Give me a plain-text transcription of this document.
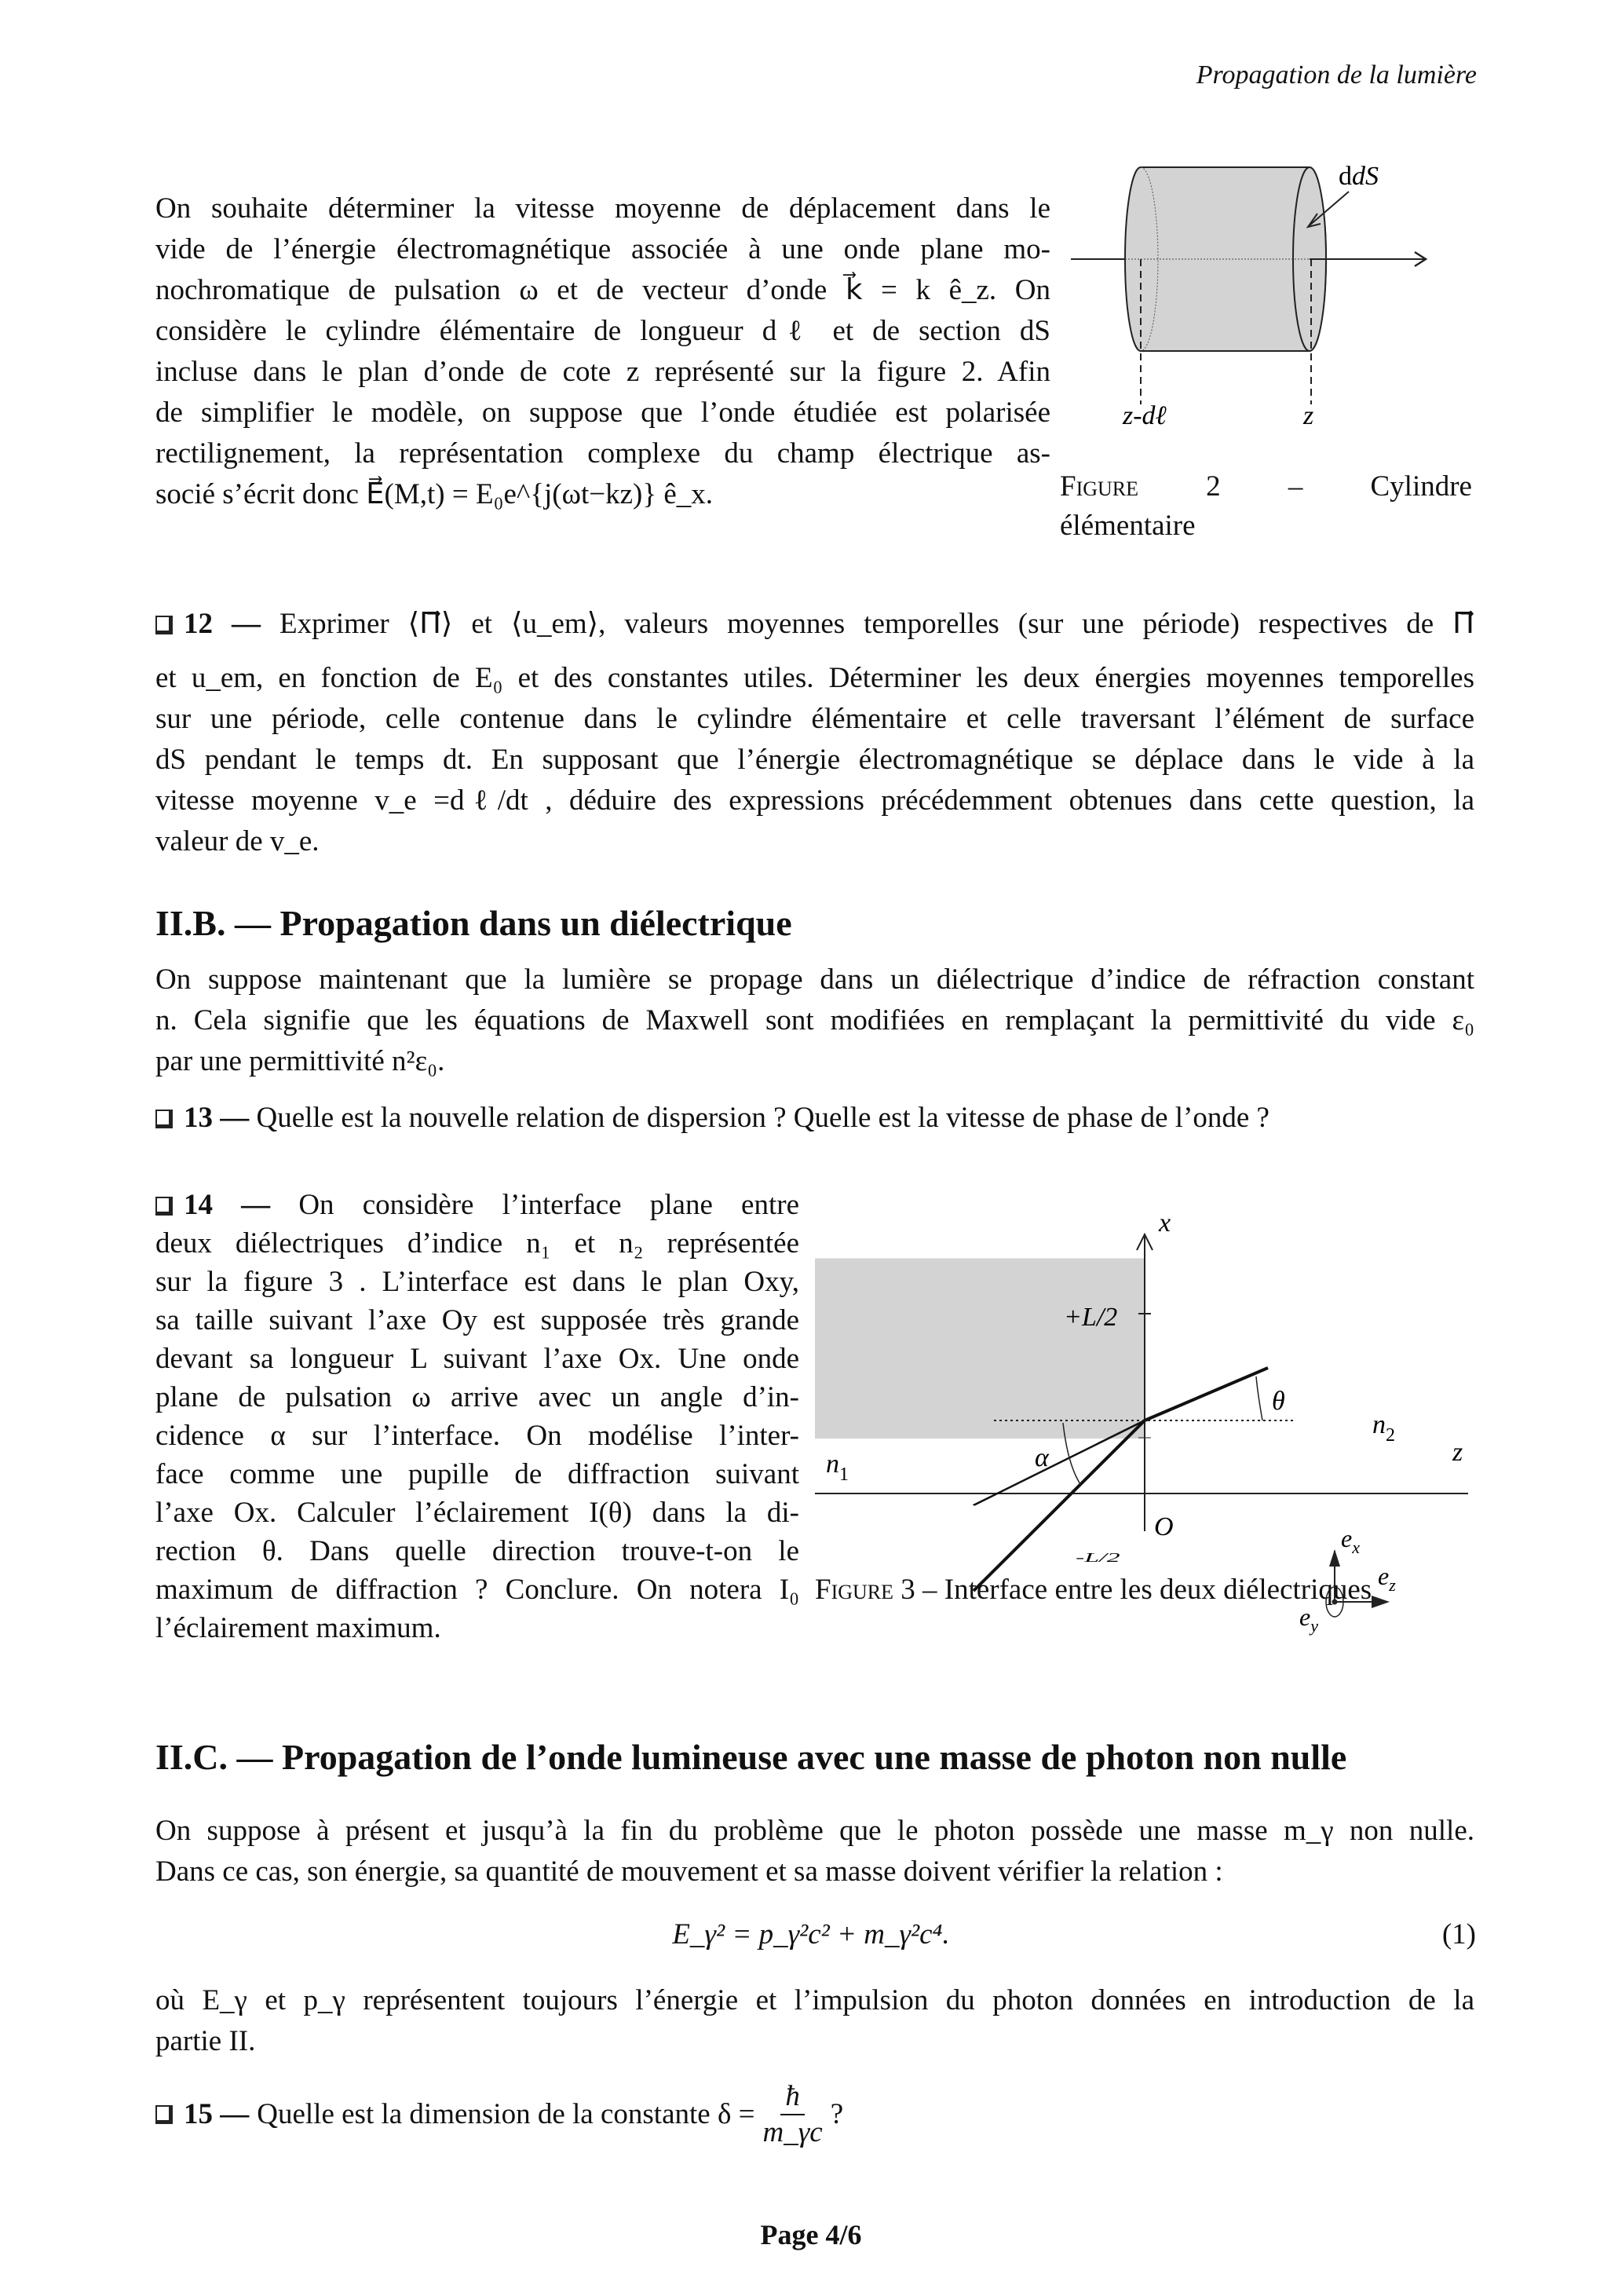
Propagation de la lumière
On souhaite déterminer la vitesse moyenne de déplacement dans le
vide de l’énergie électromagnétique associée à une onde plane mo-
nochromatique de pulsation ω et de vecteur d’onde k⃗ = k ê_z. On
considère le cylindre élémentaire de longueur dℓ et de section dS
incluse dans le plan d’onde de cote z représenté sur la figure 2. Afin
de simplifier le modèle, on suppose que l’onde étudiée est polarisée
rectilignement, la représentation complexe du champ électrique as-
socié s’écrit donc E⃗(M,t) = E₀e^{j(ωt−kz)} ê_x.
ddS
z-dℓ	z
Figure 2 – Cylindre
élémentaire
12 — Exprimer ⟨Π⃗⟩ et ⟨u_em⟩, valeurs moyennes temporelles (sur une période) respectives de Π⃗
et u_em, en fonction de E₀ et des constantes utiles. Déterminer les deux énergies moyennes temporelles
sur une période, celle contenue dans le cylindre élémentaire et celle traversant l’élément de surface
dS pendant le temps dt. En supposant que l’énergie électromagnétique se déplace dans le vide à la
vitesse moyenne v_e =dℓ/dt , déduire des expressions précédemment obtenues dans cette question, la
valeur de v_e.
II.B. — Propagation dans un diélectrique
On suppose maintenant que la lumière se propage dans un diélectrique d’indice de réfraction constant
n. Cela signifie que les équations de Maxwell sont modifiées en remplaçant la permittivité du vide ε₀
par une permittivité n²ε₀.
13 — Quelle est la nouvelle relation de dispersion ? Quelle est la vitesse de phase de l’onde ?
14 — On considère l’interface plane entre
deux diélectriques d’indice n₁ et n₂ représentée
sur la figure 3 . L’interface est dans le plan Oxy,
sa taille suivant l’axe Oy est supposée très grande
devant sa longueur L suivant l’axe Ox. Une onde
plane de pulsation ω arrive avec un angle d’in-
cidence α sur l’interface. On modélise l’inter-
face comme une pupille de diffraction suivant
l’axe Ox. Calculer l’éclairement I(θ) dans la di-
rection θ. Dans quelle direction trouve-t-on le
maximum de diffraction ? Conclure. On notera I₀
l’éclairement maximum.
x
+L/2
-L/2
O
α
θ
z
$n_1$
$n_2$
$e_x$
$e_z$
$e_y$
Figure 3 – Interface entre les deux diélectriques
II.C. — Propagation de l’onde lumineuse avec une masse de photon non nulle
On suppose à présent et jusqu’à la fin du problème que le photon possède une masse m_γ non nulle.
Dans ce cas, son énergie, sa quantité de mouvement et sa masse doivent vérifier la relation :
E_γ² = p_γ²c² + m_γ²c⁴.	(1)
où E_γ et p_γ représentent toujours l’énergie et l’impulsion du photon données en introduction de la
partie II.
15 — Quelle est la dimension de la constante $\delta = \frac{ħ}{m\_\gamma c}$ ?
Page 4/6
